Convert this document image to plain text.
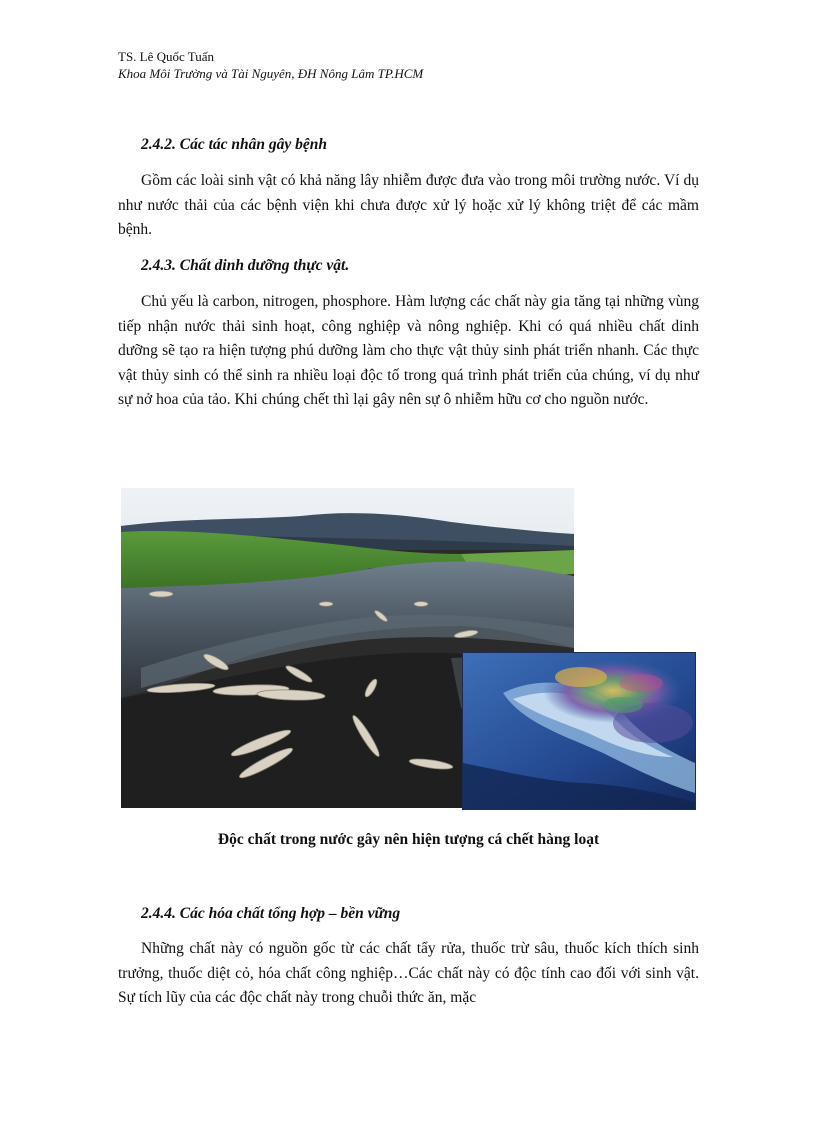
TS. Lê Quốc Tuấn
Khoa Môi Trường và Tài Nguyên, ĐH Nông Lâm TP.HCM
2.4.2. Các tác nhân gây bệnh

Gồm các loài sinh vật có khả năng lây nhiễm được đưa vào trong môi trường nước. Ví dụ như nước thải của các bệnh viện khi chưa được xử lý hoặc xử lý không triệt để các mầm bệnh.

2.4.3. Chất dinh dưỡng thực vật.

Chủ yếu là carbon, nitrogen, phosphore. Hàm lượng các chất này gia tăng tại những vùng tiếp nhận nước thải sinh hoạt, công nghiệp và nông nghiệp. Khi có quá nhiều chất dinh dưỡng sẽ tạo ra hiện tượng phú dưỡng làm cho thực vật thủy sinh phát triển nhanh. Các thực vật thủy sinh có thể sinh ra nhiều loại độc tố trong quá trình phát triển của chúng, ví dụ như sự nở hoa của tảo. Khi chúng chết thì lại gây nên sự ô nhiễm hữu cơ cho nguồn nước.

Độc chất trong nước gây nên hiện tượng cá chết hàng loạt
2.4.4. Các hóa chất tổng hợp – bền vững

Những chất này có nguồn gốc từ các chất tẩy rửa, thuốc trừ sâu, thuốc kích thích sinh trưởng, thuốc diệt cỏ, hóa chất công nghiệp…Các chất này có độc tính cao đối với sinh vật. Sự tích lũy của các độc chất này trong chuỗi thức ăn, mặc
